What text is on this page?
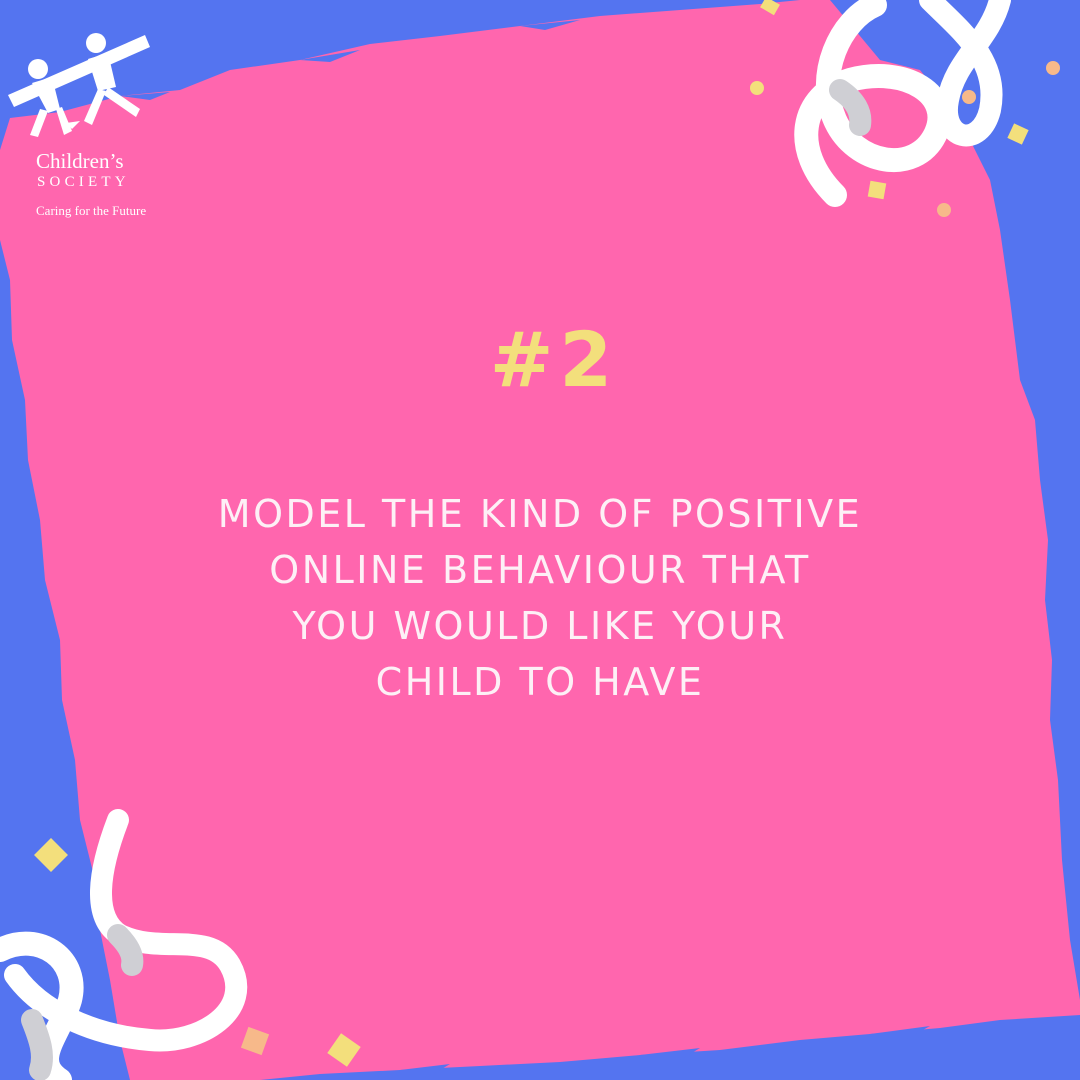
Children’s
SOCIETY
Caring for the Future
#2
MODEL THE KIND OF POSITIVE
ONLINE BEHAVIOUR THAT
YOU WOULD LIKE YOUR
CHILD TO HAVE
